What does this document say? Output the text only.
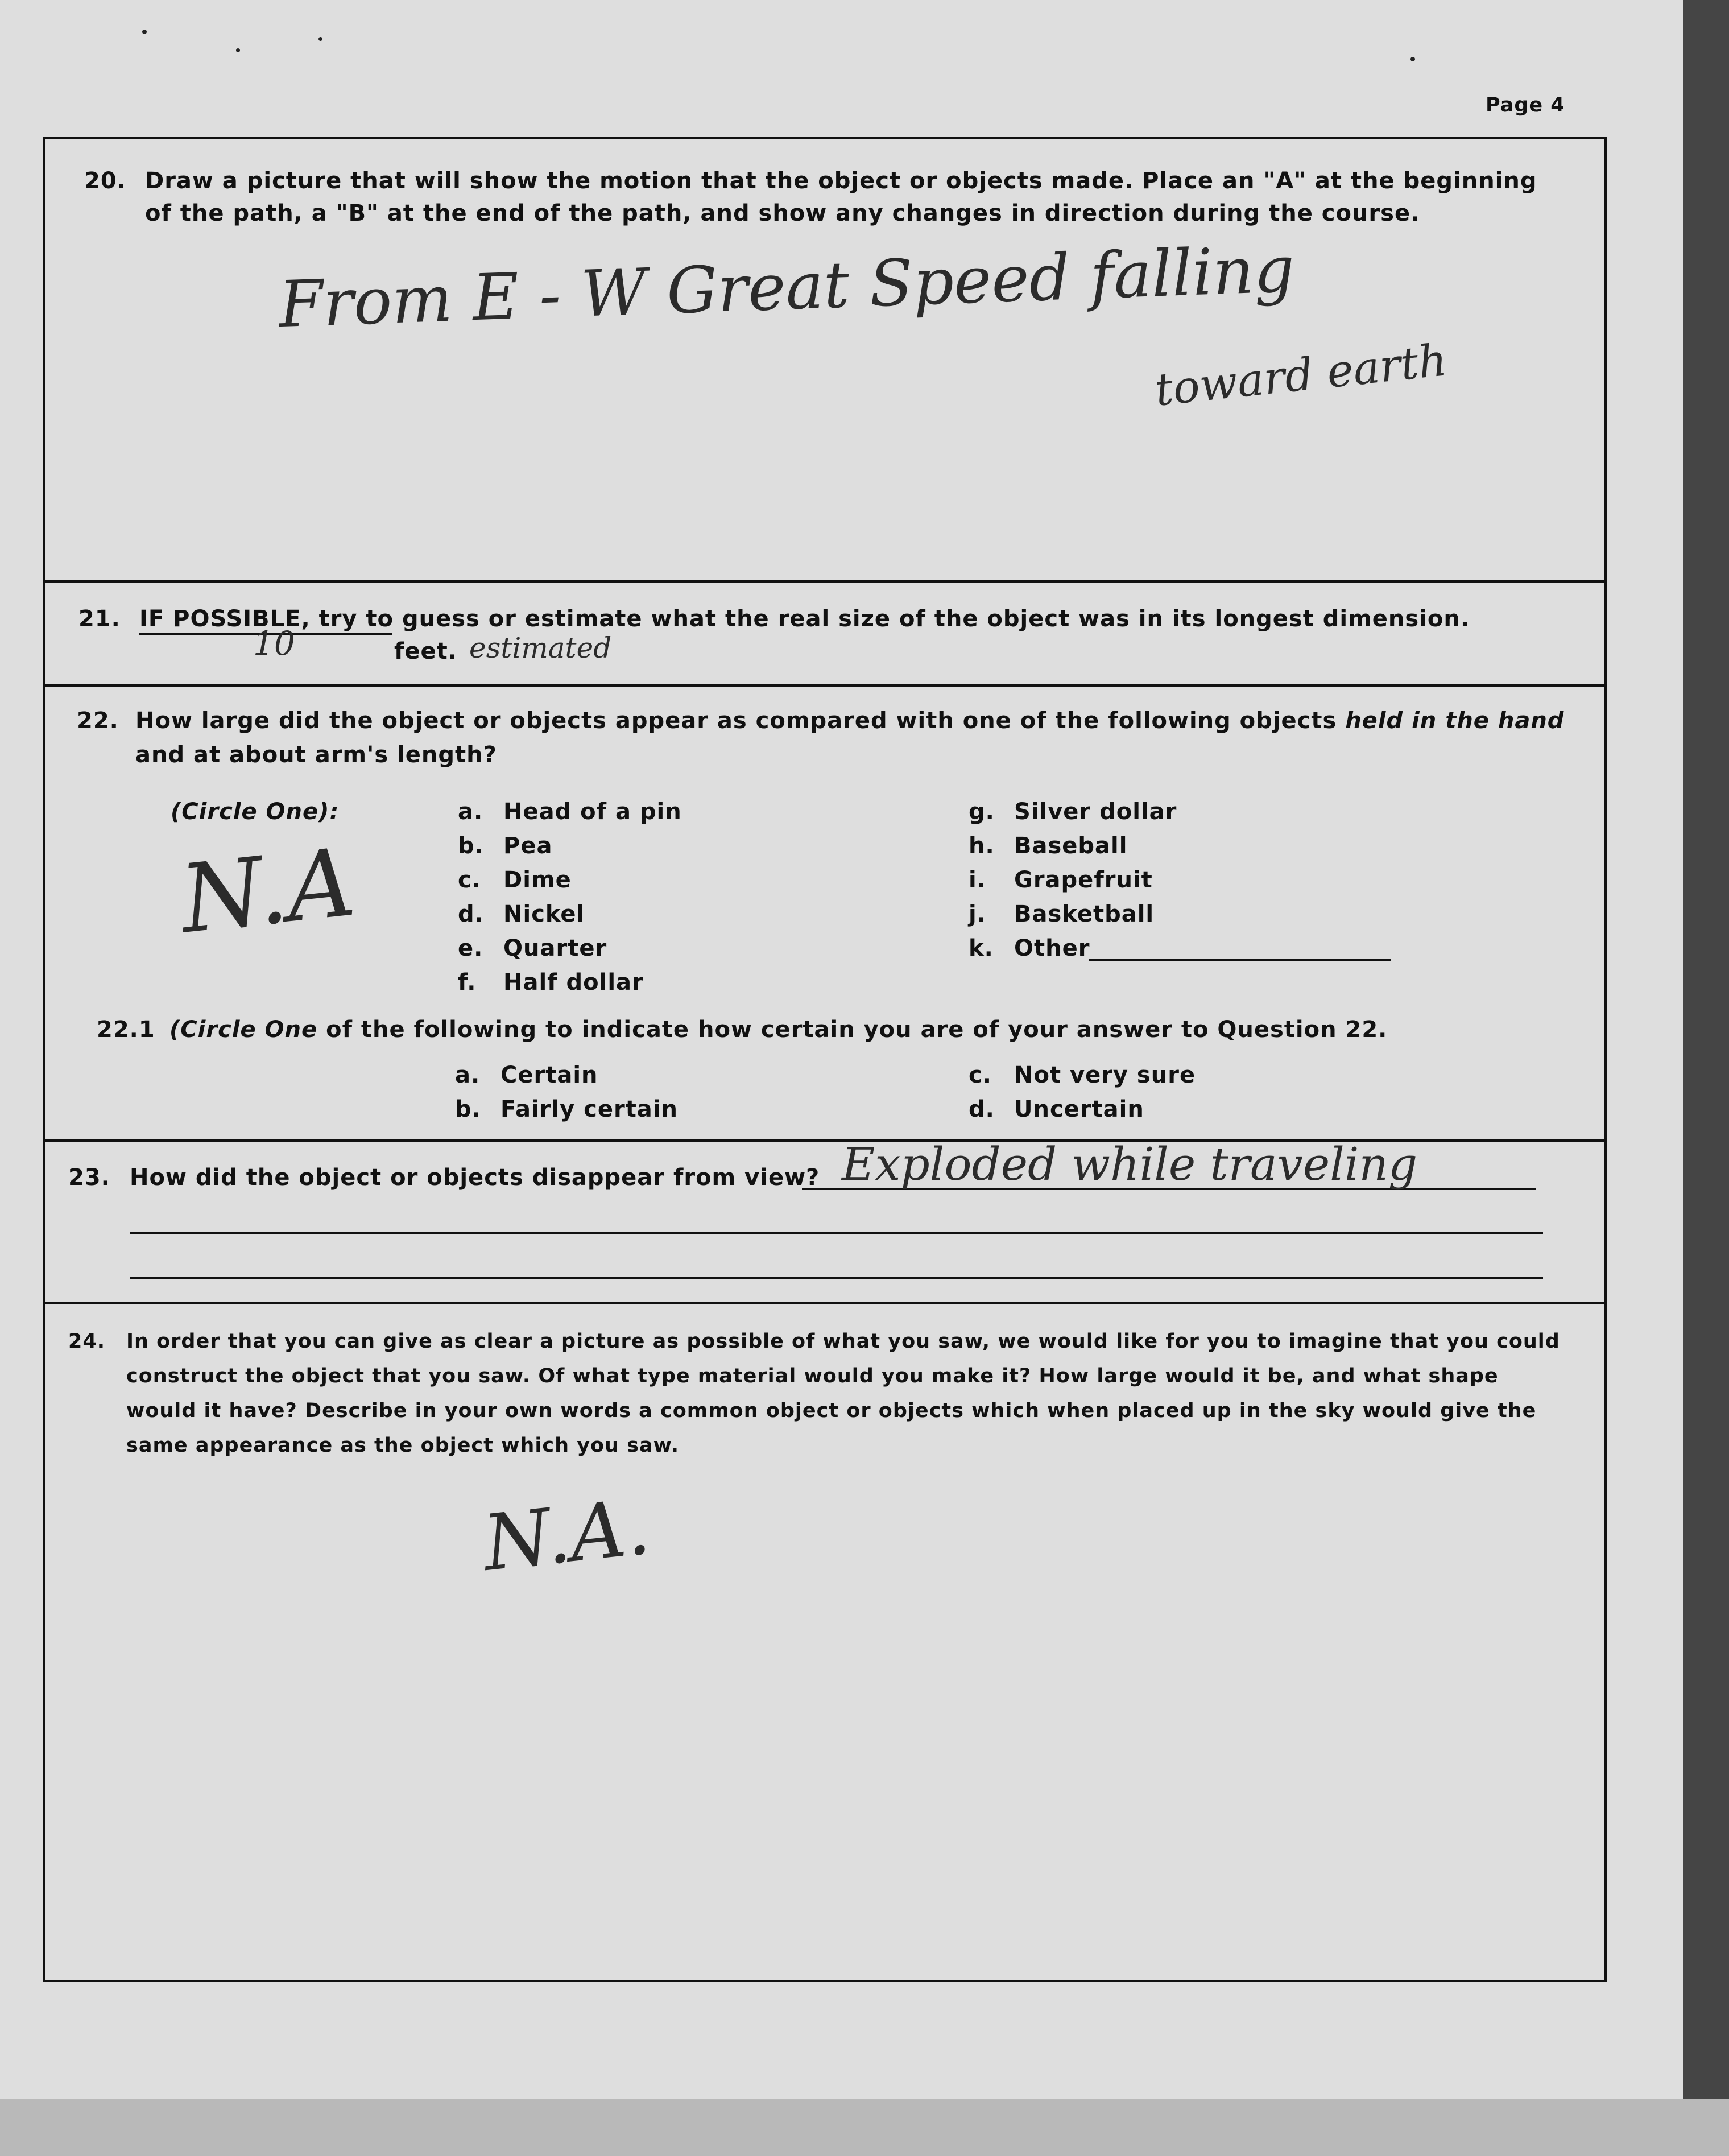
Page 4
20. Draw a picture that will show the motion that the object or objects made. Place an "A" at the beginning
of the path, a "B" at the end of the path, and show any changes in direction during the course.
From E - W Great Speed falling
toward earth
21. IF POSSIBLE, try to guess or estimate what the real size of the object was in its longest dimension.
10	feet. estimated
22. How large did the object or objects appear as compared with one of the following objects held in the hand
and at about arm's length?
(Circle One):
N.A
a. Head of a pin
b. Pea
c. Dime
d. Nickel
e. Quarter
f. Half dollar
g. Silver dollar
h. Baseball
i. Grapefruit
j. Basketball
k. Other
22.1 (Circle One of the following to indicate how certain you are of your answer to Question 22.
a. Certain
b. Fairly certain
c. Not very sure
d. Uncertain
23. How did the object or objects disappear from view? Exploded while traveling
24. In order that you can give as clear a picture as possible of what you saw, we would like for you to imagine that you could
construct the object that you saw. Of what type material would you make it? How large would it be, and what shape
would it have? Describe in your own words a common object or objects which when placed up in the sky would give the
same appearance as the object which you saw.
N.A.
